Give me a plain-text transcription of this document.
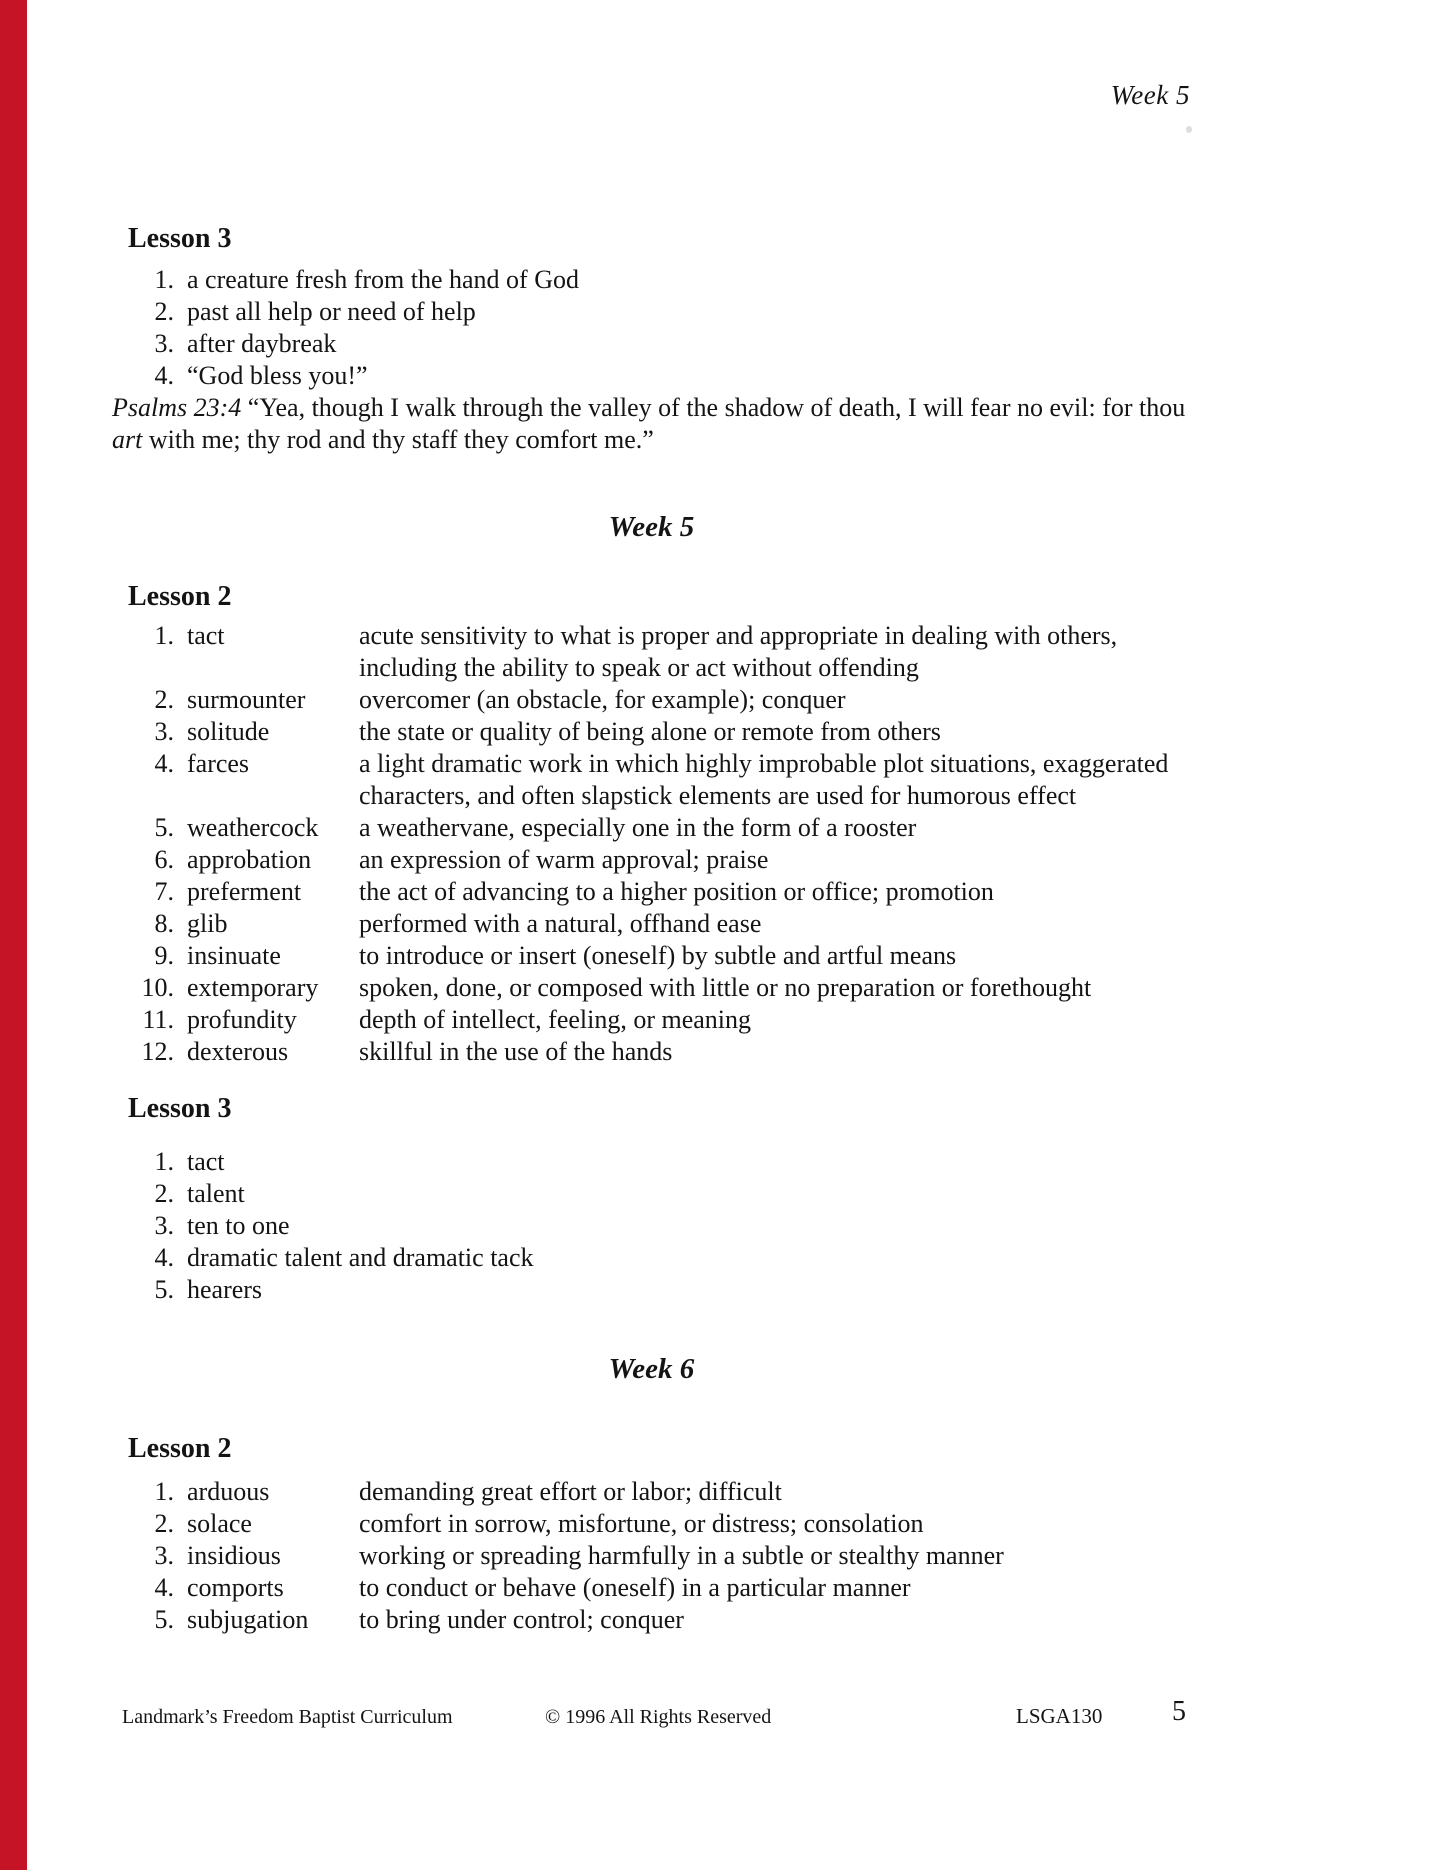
Week 5
Lesson 3
1. a creature fresh from the hand of God
2. past all help or need of help
3. after daybreak
4. “God bless you!”

Psalms 23:4 “Yea, though I walk through the valley of the shadow of death, I will fear no evil: for thou art with me; thy rod and thy staff they comfort me.”

Week 5
Lesson 2
1. tact	acute sensitivity to what is proper and appropriate in dealing with others, including the ability to speak or act without offending
2. surmounter	overcomer (an obstacle, for example); conquer
3. solitude	the state or quality of being alone or remote from others
4. farces	a light dramatic work in which highly improbable plot situations, exaggerated characters, and often slapstick elements are used for humorous effect
5. weathercock	a weathervane, especially one in the form of a rooster
6. approbation	an expression of warm approval; praise
7. preferment	the act of advancing to a higher position or office; promotion
8. glib	performed with a natural, offhand ease
9. insinuate	to introduce or insert (oneself) by subtle and artful means
10. extemporary	spoken, done, or composed with little or no preparation or forethought
11. profundity	depth of intellect, feeling, or meaning
12. dexterous	skillful in the use of the hands
Lesson 3
1. tact
2. talent
3. ten to one
4. dramatic talent and dramatic tack
5. hearers
Week 6
Lesson 2
1. arduous	demanding great effort or labor; difficult
2. solace	comfort in sorrow, misfortune, or distress; consolation
3. insidious	working or spreading harmfully in a subtle or stealthy manner
4. comports	to conduct or behave (oneself) in a particular manner
5. subjugation	to bring under control; conquer
Landmark’s Freedom Baptist Curriculum	© 1996 All Rights Reserved	LSGA130 5
